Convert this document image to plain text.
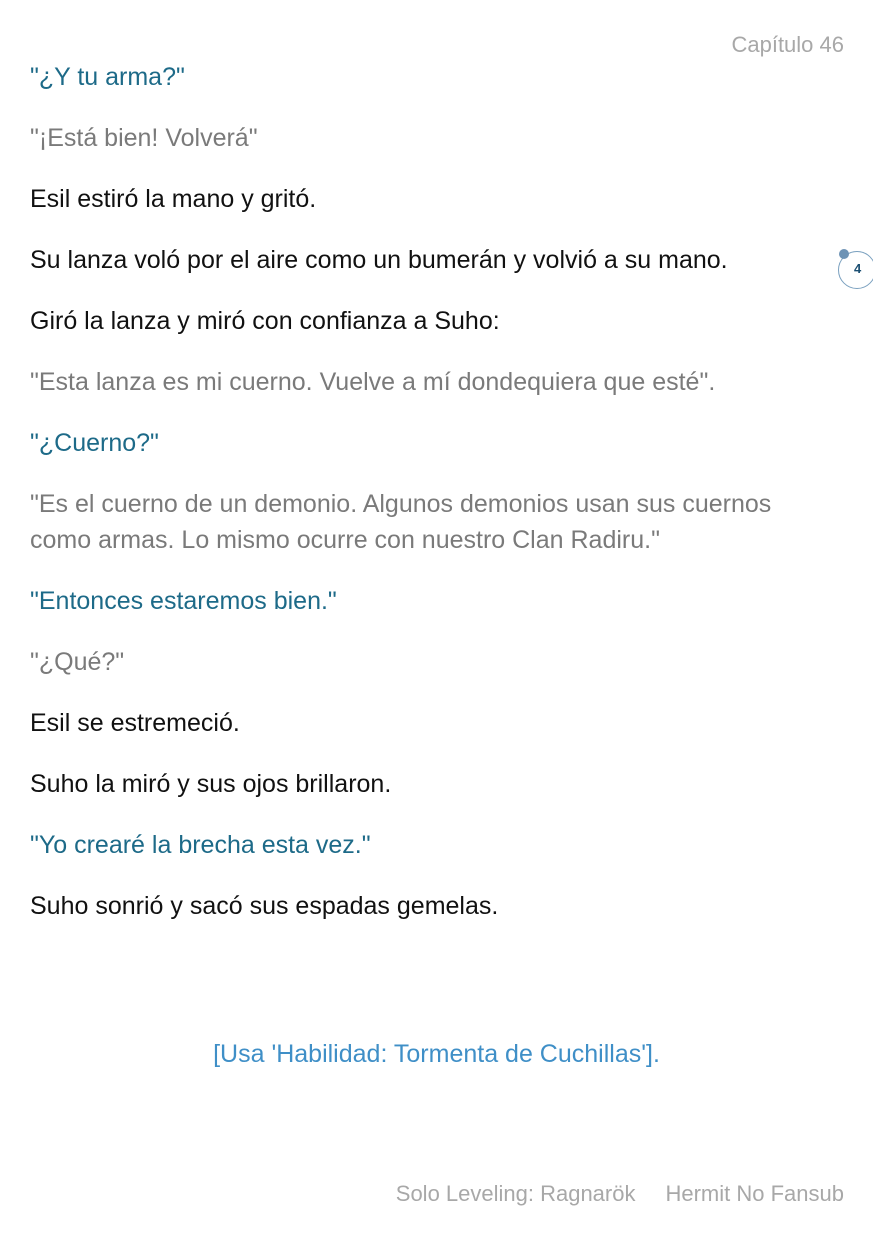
Capítulo 46

"¿Y tu arma?"

"¡Está bien! Volverá"

Esil estiró la mano y gritó.

Su lanza voló por el aire como un bumerán y volvió a su mano.

Giró la lanza y miró con confianza a Suho:

"Esta lanza es mi cuerno. Vuelve a mí dondequiera que esté".

"¿Cuerno?"

"Es el cuerno de un demonio. Algunos demonios usan sus cuernos como armas. Lo mismo ocurre con nuestro Clan Radiru."

"Entonces estaremos bien."

"¿Qué?"

Esil se estremeció.

Suho la miró y sus ojos brillaron.

"Yo crearé la brecha esta vez."

Suho sonrió y sacó sus espadas gemelas.

4
[Usa 'Habilidad: Tormenta de Cuchillas'].
Solo Leveling: Ragnarök Hermit No Fansub
